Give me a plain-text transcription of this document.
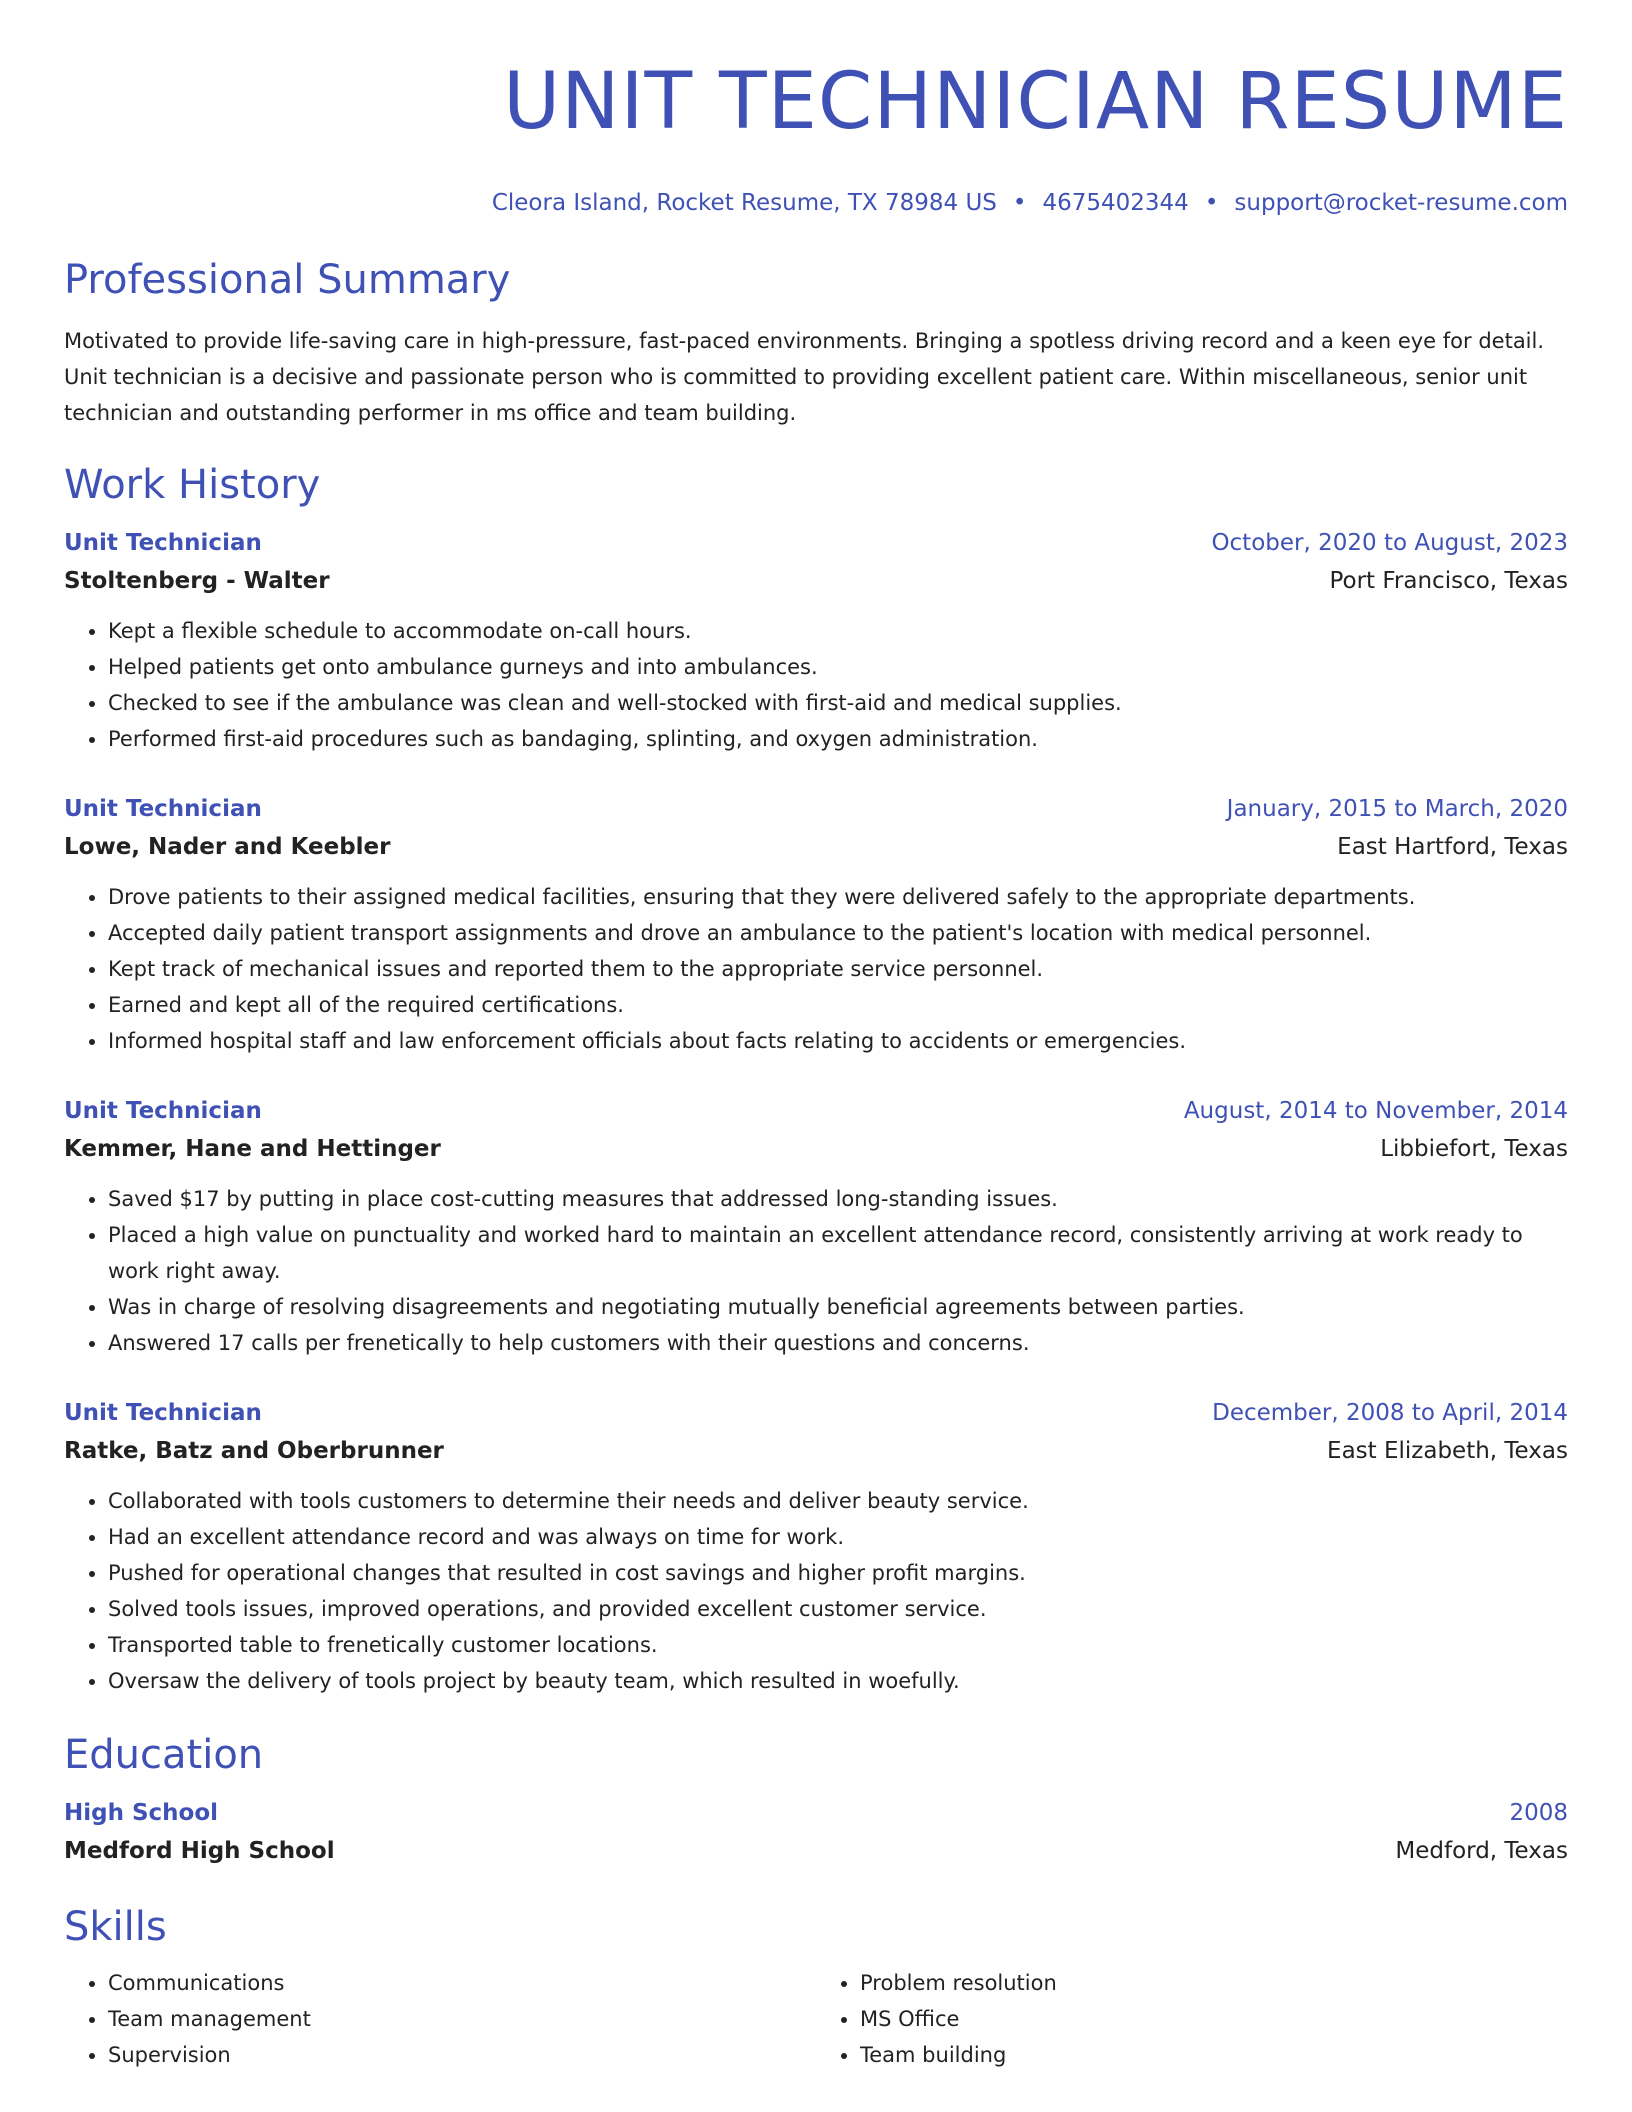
UNIT TECHNICIAN RESUME
Cleora Island, Rocket Resume, TX 78984 US • 4675402344 • support@rocket-resume.com
Professional Summary

Motivated to provide life-saving care in high-pressure, fast-paced environments. Bringing a spotless driving record and a keen eye for detail. Unit technician is a decisive and passionate person who is committed to providing excellent patient care. Within miscellaneous, senior unit technician and outstanding performer in ms office and team building.

Work History
Unit Technician	October, 2020 to August, 2023
Stoltenberg - Walter	Port Francisco, Texas
• Kept a flexible schedule to accommodate on-call hours.
• Helped patients get onto ambulance gurneys and into ambulances.
• Checked to see if the ambulance was clean and well-stocked with first-aid and medical supplies.
• Performed first-aid procedures such as bandaging, splinting, and oxygen administration.
Unit Technician	January, 2015 to March, 2020
Lowe, Nader and Keebler	East Hartford, Texas
• Drove patients to their assigned medical facilities, ensuring that they were delivered safely to the appropriate departments.
• Accepted daily patient transport assignments and drove an ambulance to the patient's location with medical personnel.
• Kept track of mechanical issues and reported them to the appropriate service personnel.
• Earned and kept all of the required certifications.
• Informed hospital staff and law enforcement officials about facts relating to accidents or emergencies.
Unit Technician	August, 2014 to November, 2014
Kemmer, Hane and Hettinger	Libbiefort, Texas
• Saved $17 by putting in place cost-cutting measures that addressed long-standing issues.
• Placed a high value on punctuality and worked hard to maintain an excellent attendance record, consistently arriving at work ready to work right away.
• Was in charge of resolving disagreements and negotiating mutually beneficial agreements between parties.
• Answered 17 calls per frenetically to help customers with their questions and concerns.
Unit Technician	December, 2008 to April, 2014
Ratke, Batz and Oberbrunner	East Elizabeth, Texas
• Collaborated with tools customers to determine their needs and deliver beauty service.
• Had an excellent attendance record and was always on time for work.
• Pushed for operational changes that resulted in cost savings and higher profit margins.
• Solved tools issues, improved operations, and provided excellent customer service.
• Transported table to frenetically customer locations.
• Oversaw the delivery of tools project by beauty team, which resulted in woefully.
Education
High School	2008
Medford High School	Medford, Texas
Skills
• Communications
• Team management
• Supervision
• Problem resolution
• MS Office
• Team building
